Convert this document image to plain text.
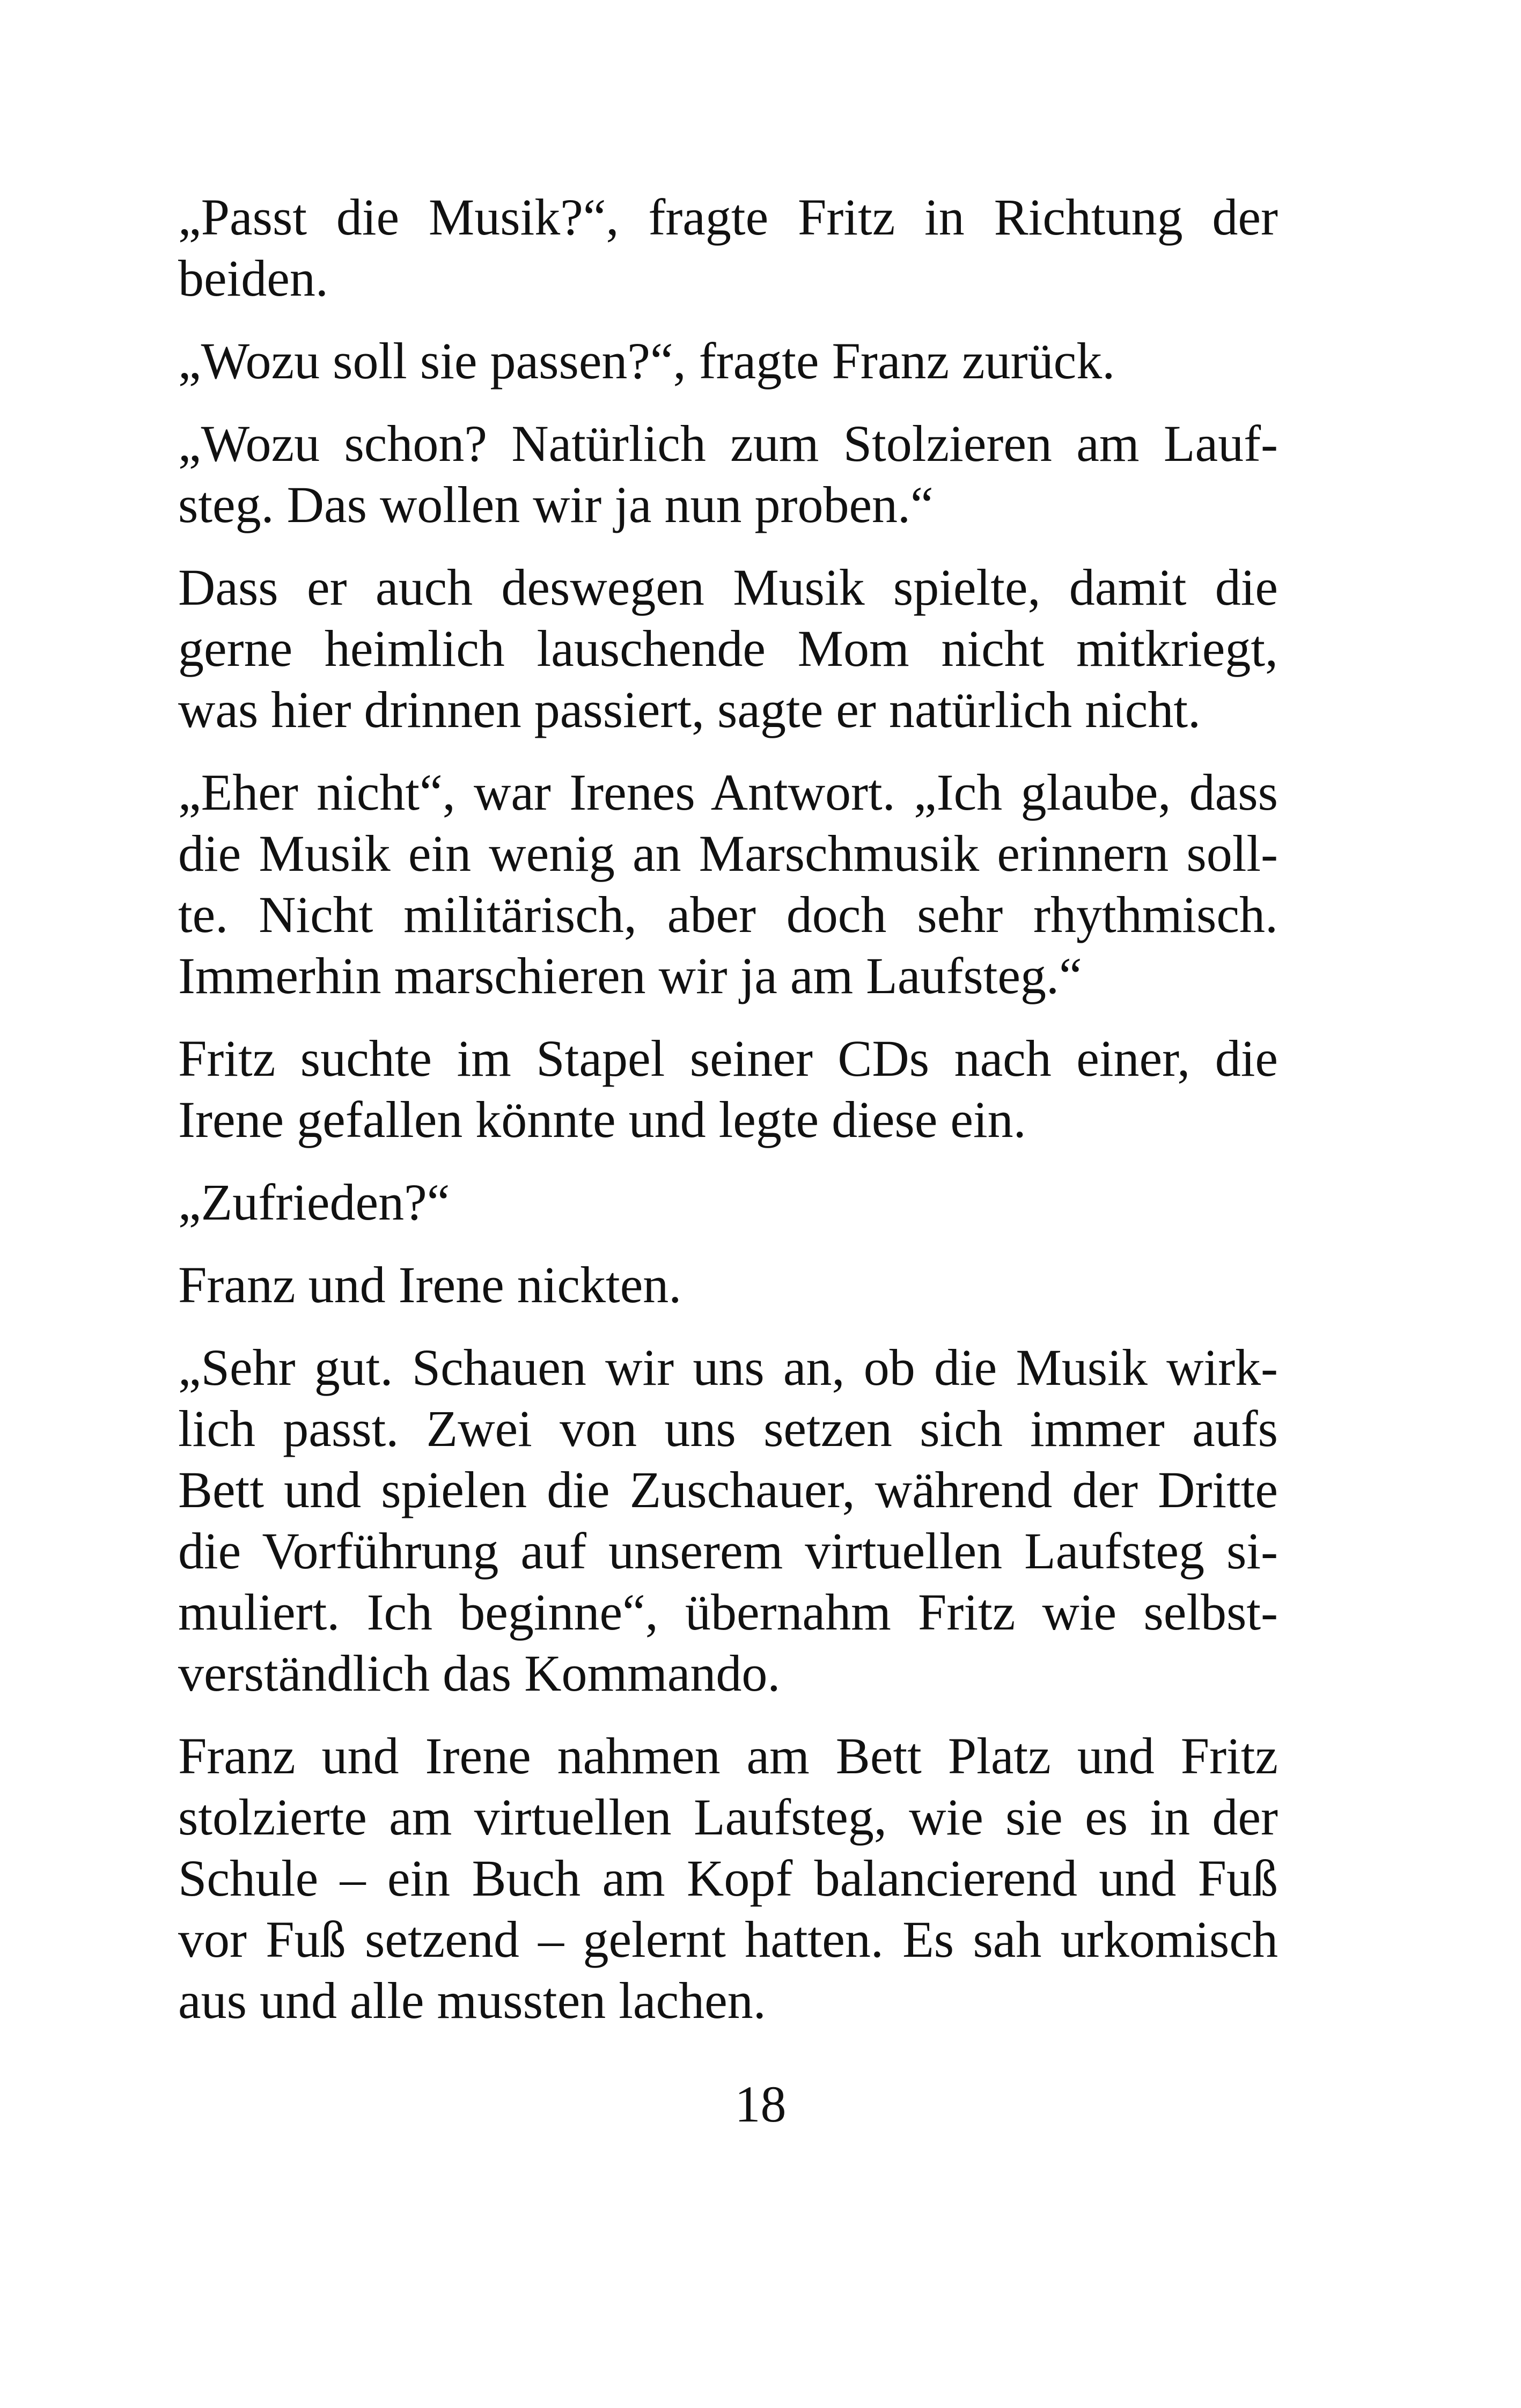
„Passt die Musik?“, fragte Fritz in Richtung der
beiden.

„Wozu soll sie passen?“, fragte Franz zurück.

„Wozu schon? Natürlich zum Stolzieren am Lauf-
steg. Das wollen wir ja nun proben.“

Dass er auch deswegen Musik spielte, damit die
gerne heimlich lauschende Mom nicht mitkriegt,
was hier drinnen passiert, sagte er natürlich nicht.

„Eher nicht“, war Irenes Antwort. „Ich glaube, dass
die Musik ein wenig an Marschmusik erinnern soll-
te. Nicht militärisch, aber doch sehr rhythmisch.
Immerhin marschieren wir ja am Laufsteg.“

Fritz suchte im Stapel seiner CDs nach einer, die
Irene gefallen könnte und legte diese ein.

„Zufrieden?“

Franz und Irene nickten.

„Sehr gut. Schauen wir uns an, ob die Musik wirk-
lich passt. Zwei von uns setzen sich immer aufs
Bett und spielen die Zuschauer, während der Dritte
die Vorführung auf unserem virtuellen Laufsteg si-
muliert. Ich beginne“, übernahm Fritz wie selbst-
verständlich das Kommando.

Franz und Irene nahmen am Bett Platz und Fritz
stolzierte am virtuellen Laufsteg, wie sie es in der
Schule – ein Buch am Kopf balancierend und Fuß
vor Fuß setzend – gelernt hatten. Es sah urkomisch
aus und alle mussten lachen.

18
